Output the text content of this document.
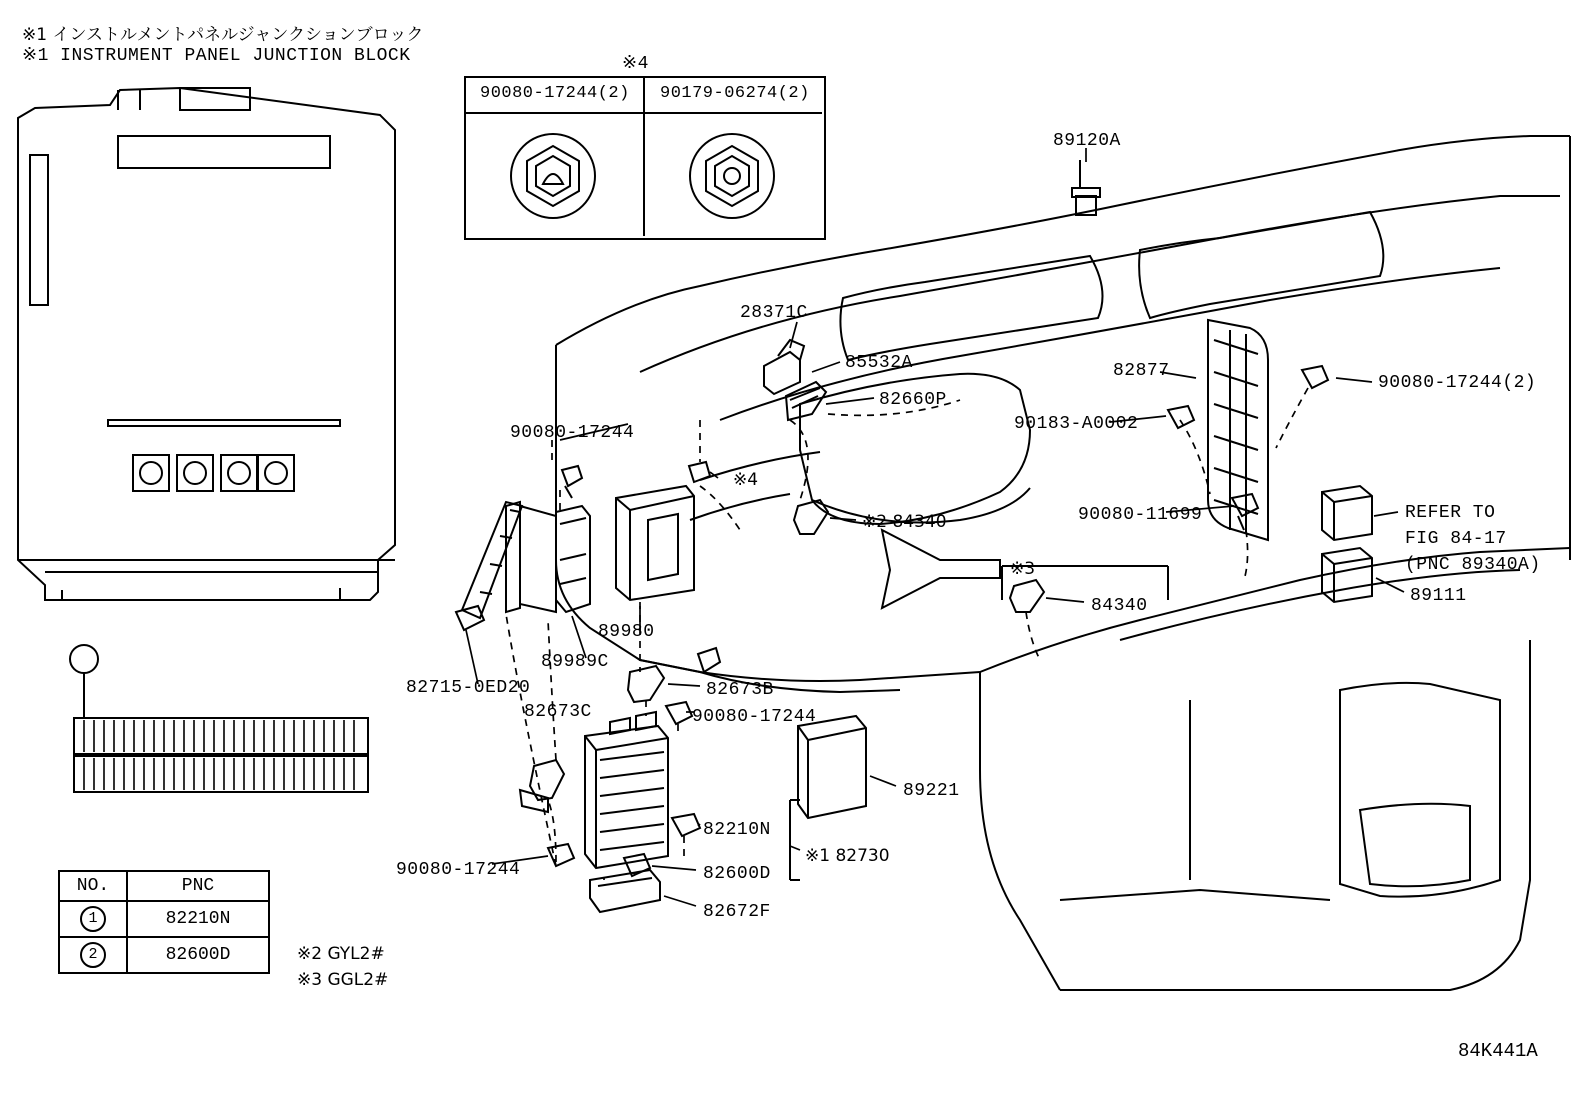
※1 インストルメントパネルジャンクションブロック
※1 INSTRUMENT PANEL JUNCTION BLOCK	※4
90080-17244(2) 90179-06274(2)
89120A
28371C
85532A	82877
90080-17244(2)
82660P
90183-A0002
90080-17244
※4
90080-11699
※2 84340	REFER TO
FIG 84-17
(PNC 89340A)
※3
89111
84340
89980
89989C
82715-0ED20	82673B
82673C	90080-17244
89221
82210N
※1 82730
90080-17244	82600D
82672F
NO.	PNC
1	82210N
2	82600D	※2 GYL2#
※3 GGL2#
84K441A
